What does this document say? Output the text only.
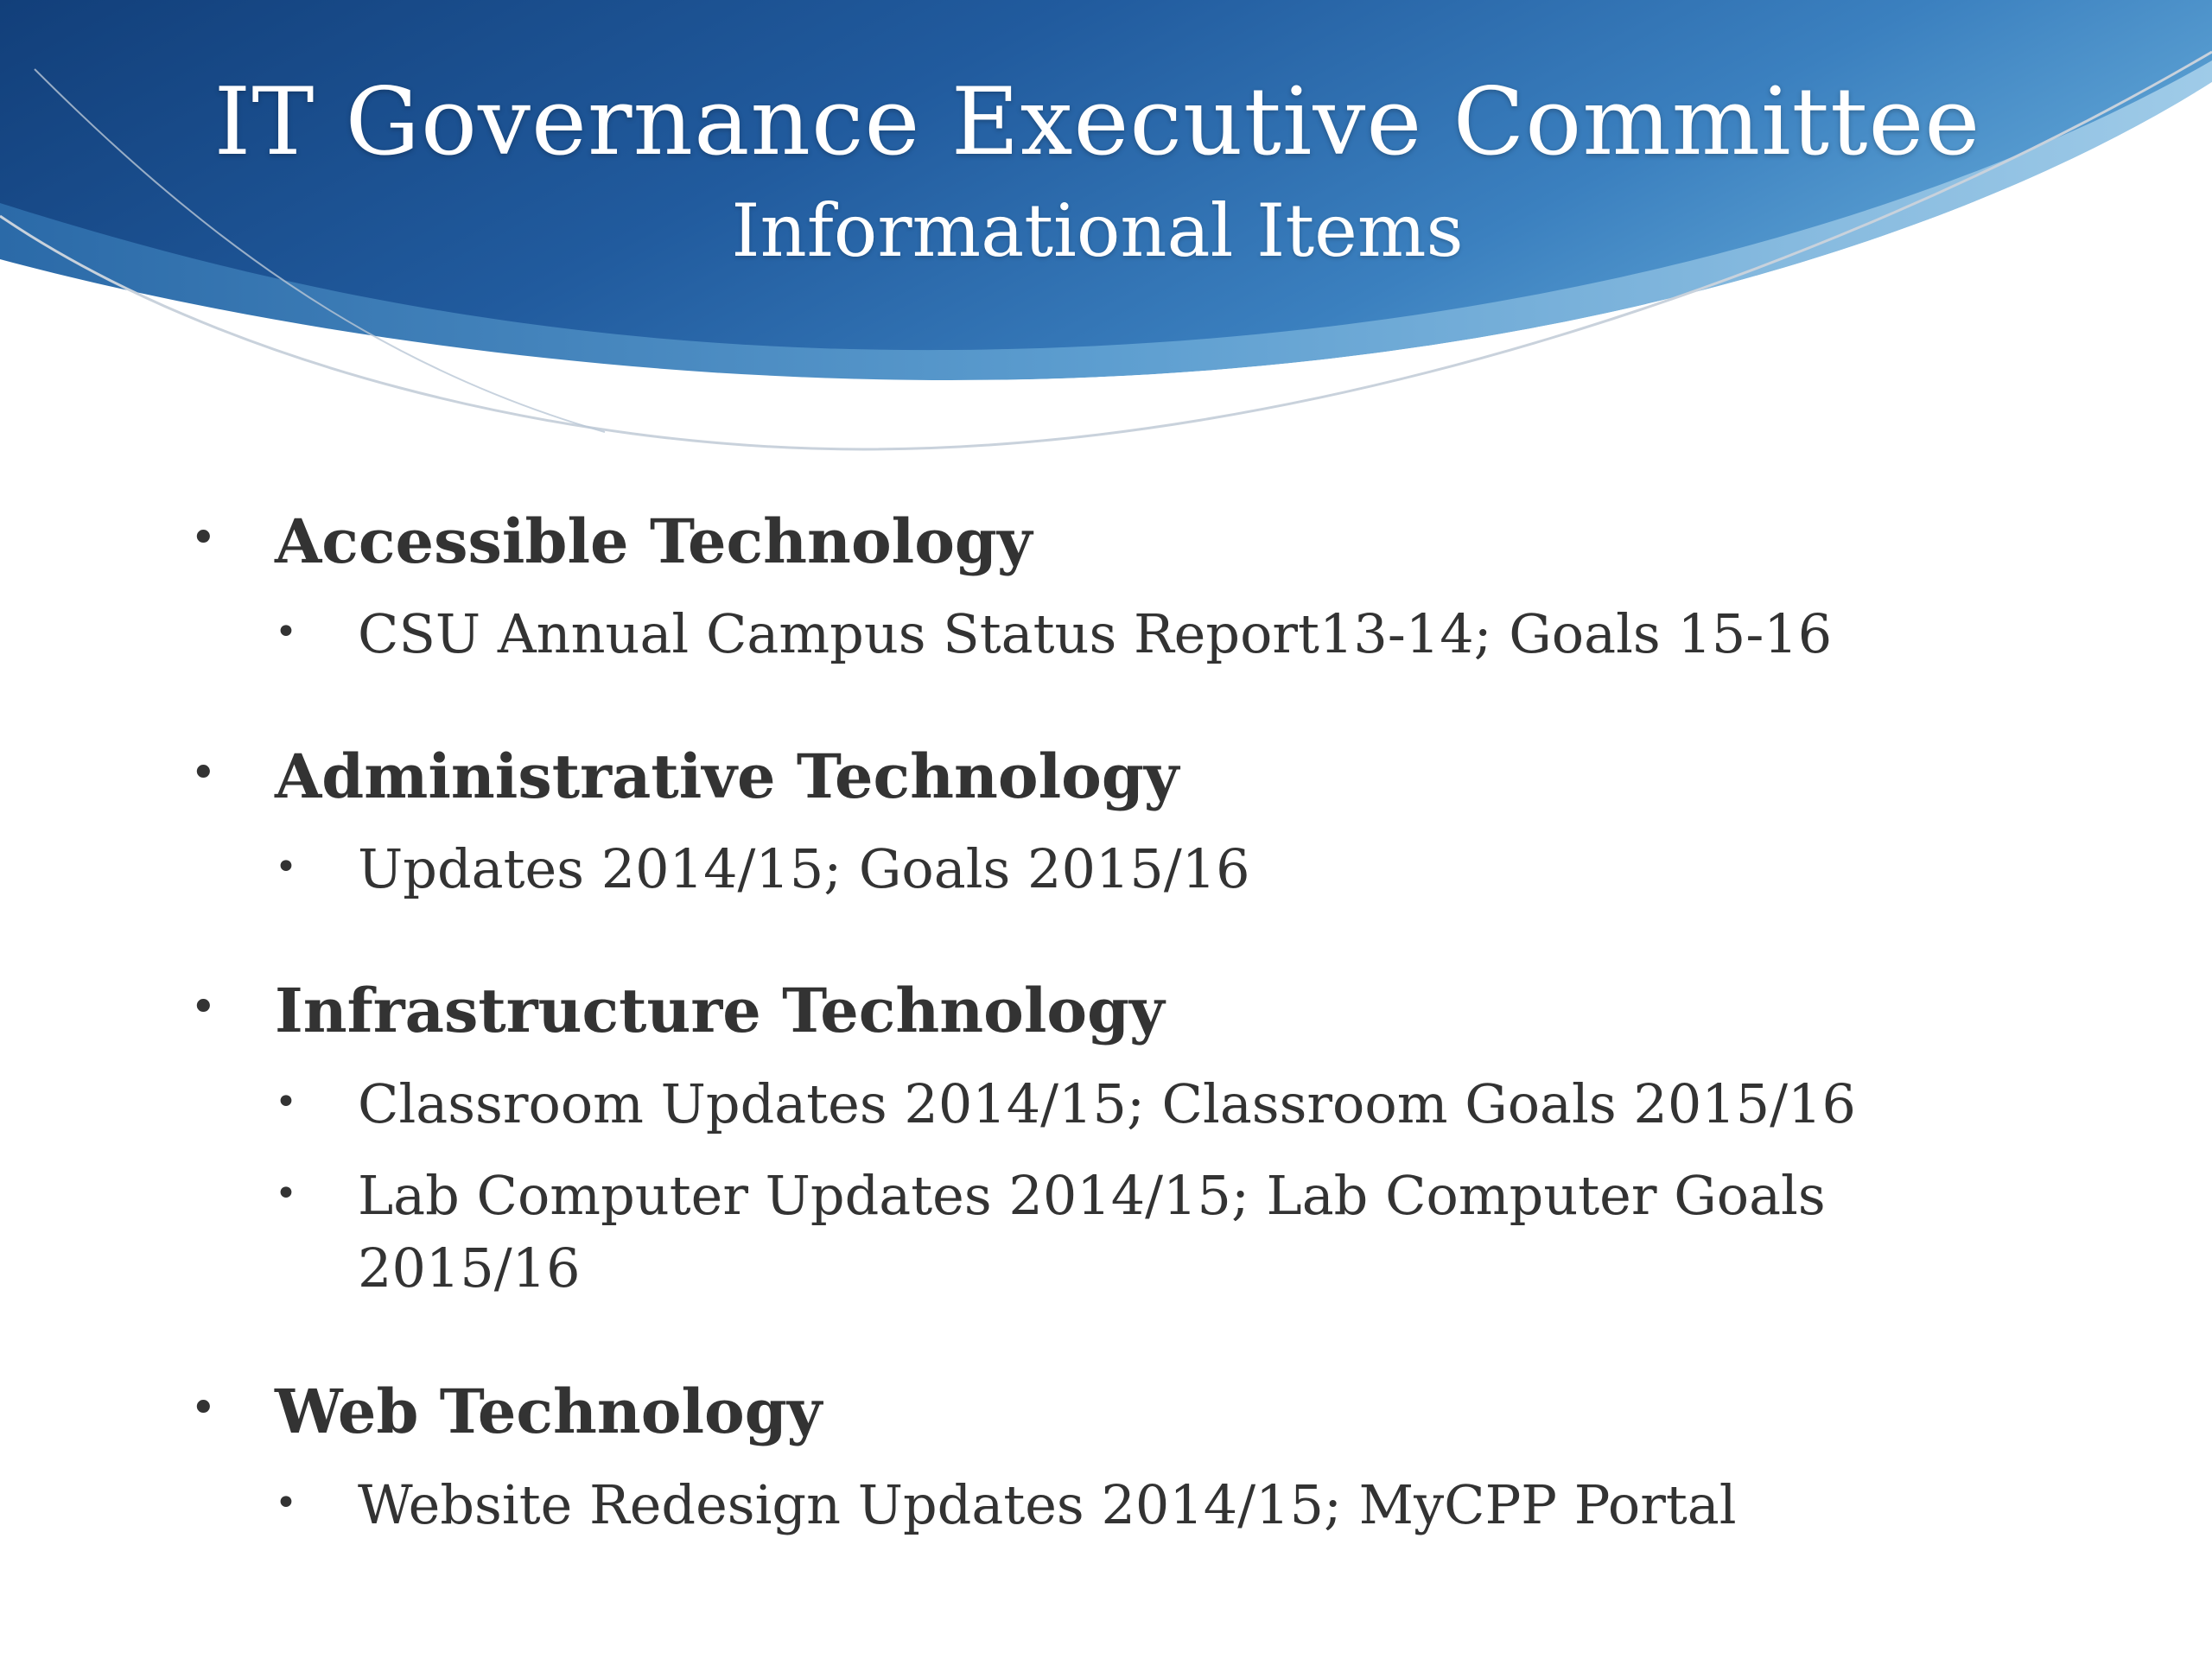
IT Governance Executive Committee
Informational Items
• Accessible Technology
• CSU Annual Campus Status Report13-14; Goals 15-16
• Administrative Technology
• Updates 2014/15; Goals 2015/16
• Infrastructure Technology
• Classroom Updates 2014/15; Classroom Goals 2015/16
• Lab Computer Updates 2014/15; Lab Computer Goals 2015/16
• Web Technology
• Website Redesign Updates 2014/15; MyCPP Portal
